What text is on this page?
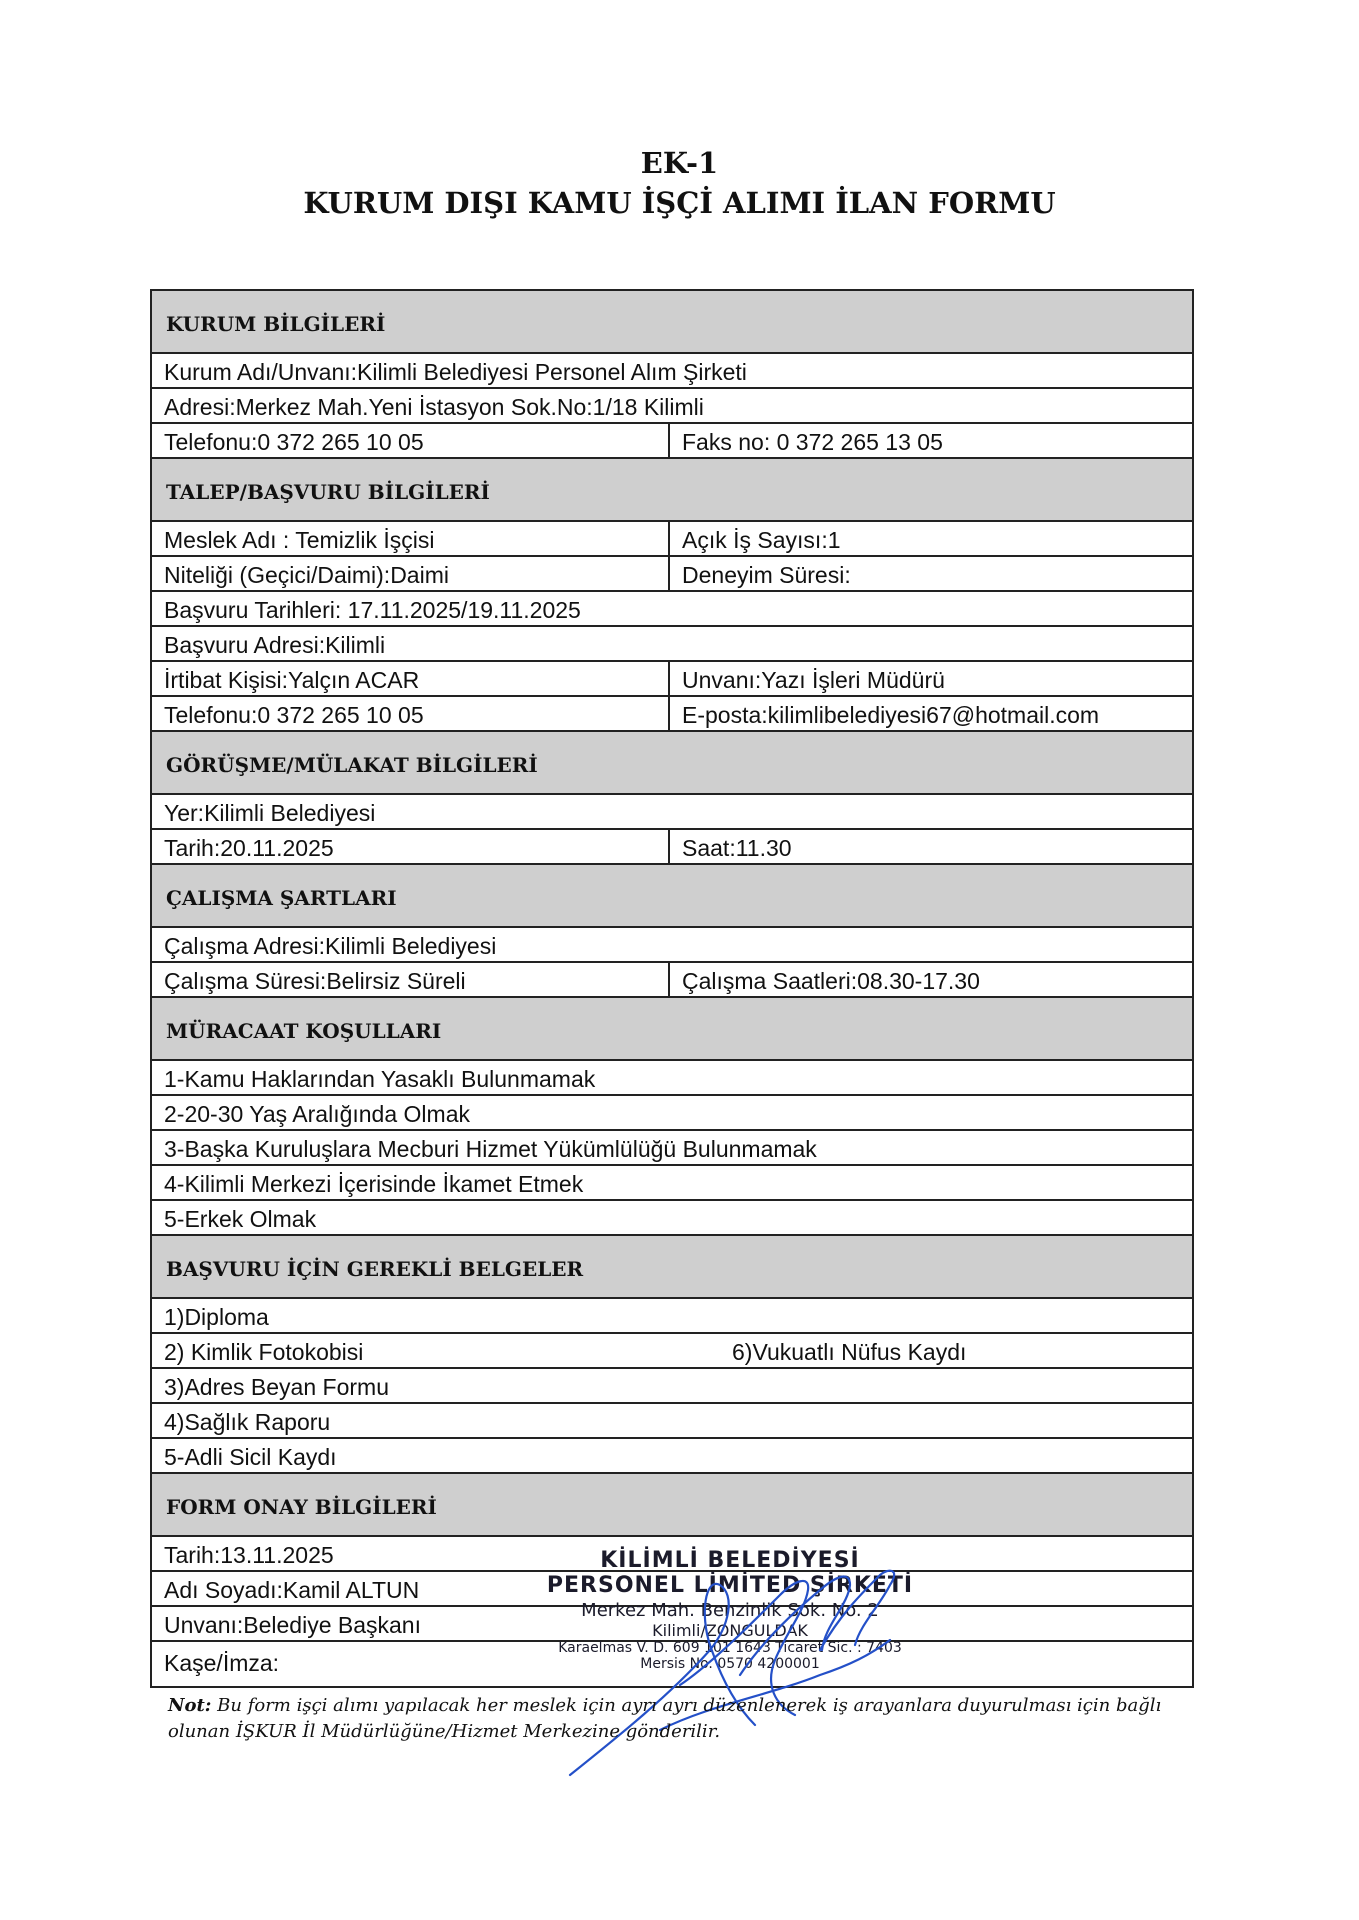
EK-1
KURUM DIŞI KAMU İŞÇİ ALIMI İLAN FORMU
KURUM BİLGİLERİ
Kurum Adı/Unvanı:Kilimli Belediyesi Personel Alım Şirketi
Adresi:Merkez Mah.Yeni İstasyon Sok.No:1/18 Kilimli
Telefonu:0 372 265 10 05	Faks no: 0 372 265 13 05
TALEP/BAŞVURU BİLGİLERİ
Meslek Adı : Temizlik İşçisi	Açık İş Sayısı:1
Niteliği (Geçici/Daimi):Daimi	Deneyim Süresi:
Başvuru Tarihleri: 17.11.2025/19.11.2025
Başvuru Adresi:Kilimli
İrtibat Kişisi:Yalçın ACAR	Unvanı:Yazı İşleri Müdürü
Telefonu:0 372 265 10 05	E-posta:kilimlibelediyesi67@hotmail.com
GÖRÜŞME/MÜLAKAT BİLGİLERİ
Yer:Kilimli Belediyesi
Tarih:20.11.2025	Saat:11.30
ÇALIŞMA ŞARTLARI
Çalışma Adresi:Kilimli Belediyesi
Çalışma Süresi:Belirsiz Süreli	Çalışma Saatleri:08.30-17.30
MÜRACAAT KOŞULLARI
1-Kamu Haklarından Yasaklı Bulunmamak
2-20-30 Yaş Aralığında Olmak
3-Başka Kuruluşlara Mecburi Hizmet Yükümlülüğü Bulunmamak
4-Kilimli Merkezi İçerisinde İkamet Etmek
5-Erkek Olmak
BAŞVURU İÇİN GEREKLİ BELGELER
1)Diploma
2) Kimlik Fotokobisi	6)Vukuatlı Nüfus Kaydı
3)Adres Beyan Formu
4)Sağlık Raporu
5-Adli Sicil Kaydı
FORM ONAY BİLGİLERİ
Tarih:13.11.2025
Adı Soyadı:Kamil ALTUN
Unvanı:Belediye Başkanı
Kaşe/İmza:
KİLİMLİ BELEDİYESİ
PERSONEL LİMİTED ŞİRKETİ
Merkez Mah. Benzinlik Sok. No. 2
Kilimli/ZONGULDAK
Karaelmas V. D. 609 101 1643 Ticaret Sic. : 7403
Mersis No. 0570 4200001
Not: Bu form işçi alımı yapılacak her meslek için ayrı ayrı düzenlenerek iş arayanlara duyurulması için bağlı olunan İŞKUR İl Müdürlüğüne/Hizmet Merkezine gönderilir.
